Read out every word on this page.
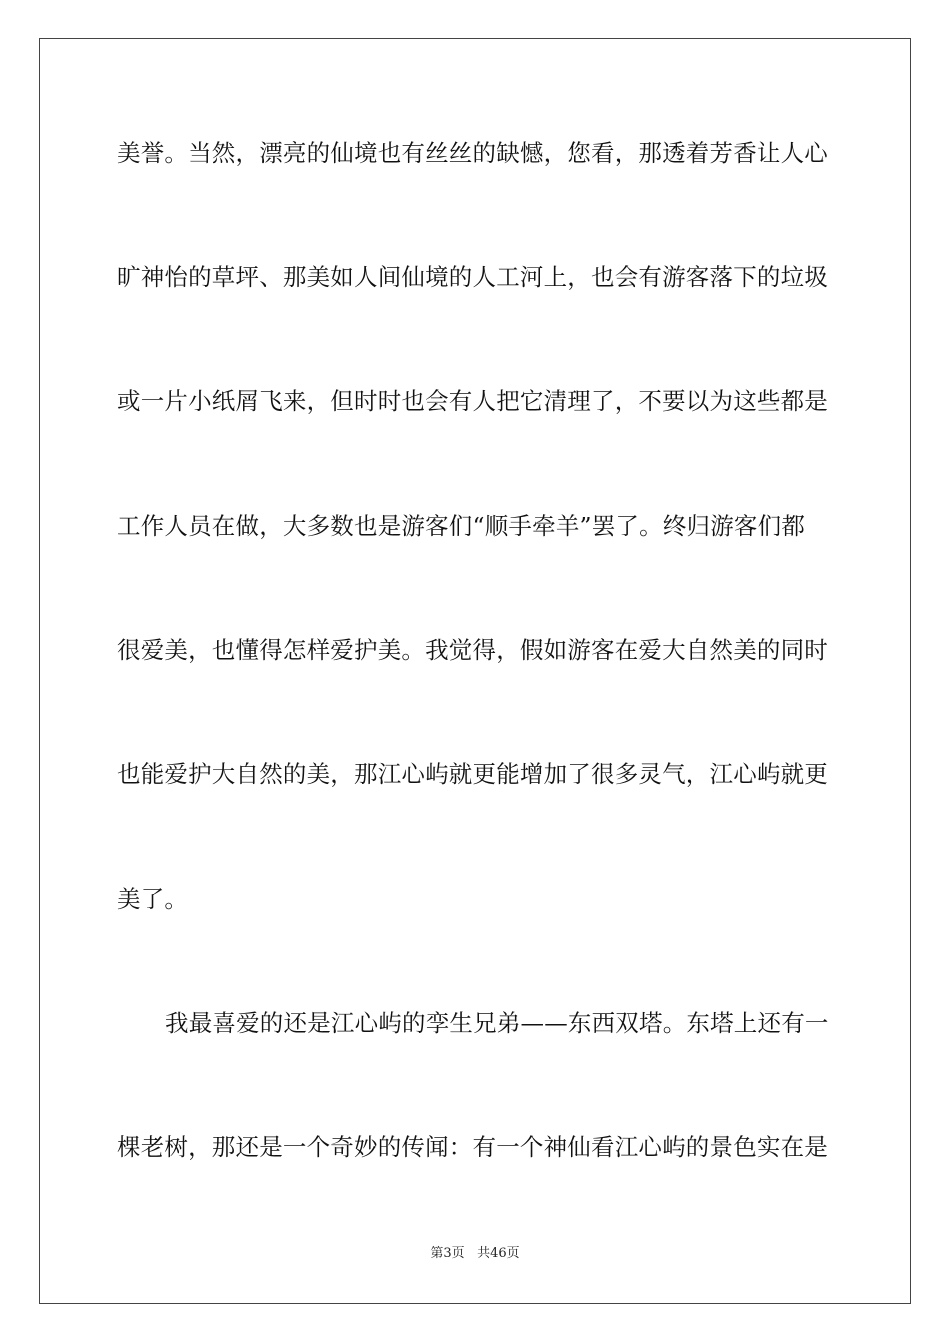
美誉。当然，漂亮的仙境也有丝丝的缺憾，您看，那透着芳香让人心
旷神怡的草坪、那美如人间仙境的人工河上，也会有游客落下的垃圾
或一片小纸屑飞来，但时时也会有人把它清理了，不要以为这些都是
工作人员在做，大多数也是游客们“顺手牵羊”罢了。终归游客们都
很爱美，也懂得怎样爱护美。我觉得，假如游客在爱大自然美的同时
也能爱护大自然的美，那江心屿就更能增加了很多灵气，江心屿就更
美了。
我最喜爱的还是江心屿的孪生兄弟——东西双塔。东塔上还有一
棵老树，那还是一个奇妙的传闻：有一个神仙看江心屿的景色实在是
第3页 共46页
